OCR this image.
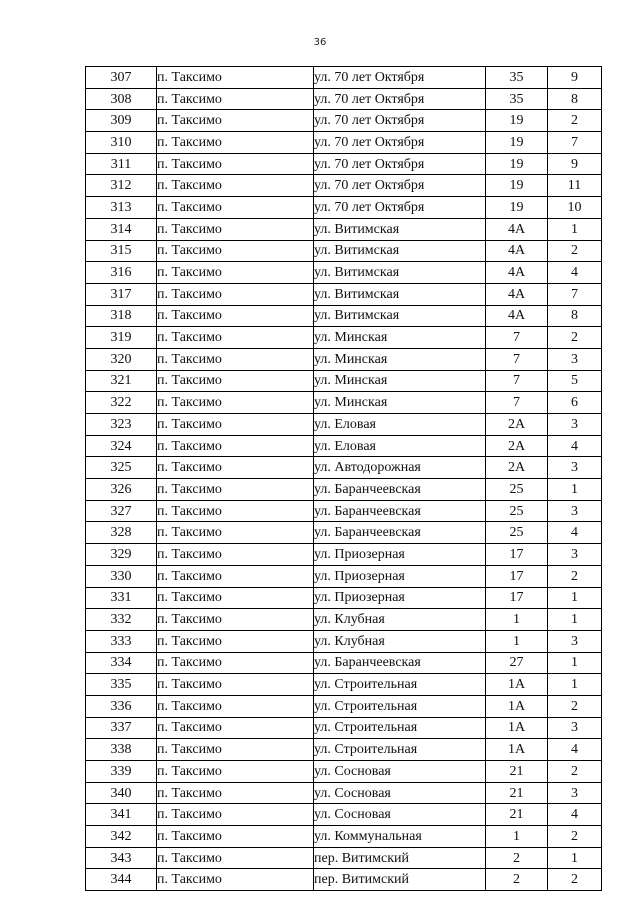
36
307	п. Таксимо	ул. 70 лет Октября	35	9
308	п. Таксимо	ул. 70 лет Октября	35	8
309	п. Таксимо	ул. 70 лет Октября	19	2
310	п. Таксимо	ул. 70 лет Октября	19	7
311	п. Таксимо	ул. 70 лет Октября	19	9
312	п. Таксимо	ул. 70 лет Октября	19	11
313	п. Таксимо	ул. 70 лет Октября	19	10
314	п. Таксимо	ул. Витимская	4А	1
315	п. Таксимо	ул. Витимская	4А	2
316	п. Таксимо	ул. Витимская	4А	4
317	п. Таксимо	ул. Витимская	4А	7
318	п. Таксимо	ул. Витимская	4А	8
319	п. Таксимо	ул. Минская	7	2
320	п. Таксимо	ул. Минская	7	3
321	п. Таксимо	ул. Минская	7	5
322	п. Таксимо	ул. Минская	7	6
323	п. Таксимо	ул. Еловая	2А	3
324	п. Таксимо	ул. Еловая	2А	4
325	п. Таксимо	ул. Автодорожная	2А	3
326	п. Таксимо	ул. Баранчеевская	25	1
327	п. Таксимо	ул. Баранчеевская	25	3
328	п. Таксимо	ул. Баранчеевская	25	4
329	п. Таксимо	ул. Приозерная	17	3
330	п. Таксимо	ул. Приозерная	17	2
331	п. Таксимо	ул. Приозерная	17	1
332	п. Таксимо	ул. Клубная	1	1
333	п. Таксимо	ул. Клубная	1	3
334	п. Таксимо	ул. Баранчеевская	27	1
335	п. Таксимо	ул. Строительная	1А	1
336	п. Таксимо	ул. Строительная	1А	2
337	п. Таксимо	ул. Строительная	1А	3
338	п. Таксимо	ул. Строительная	1А	4
339	п. Таксимо	ул. Сосновая	21	2
340	п. Таксимо	ул. Сосновая	21	3
341	п. Таксимо	ул. Сосновая	21	4
342	п. Таксимо	ул. Коммунальная	1	2
343	п. Таксимо	пер. Витимский	2	1
344	п. Таксимо	пер. Витимский	2	2
